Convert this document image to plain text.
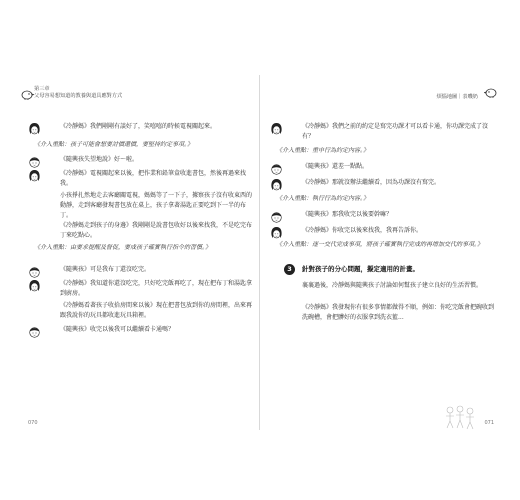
第三章
父母容易想知道的教養與道具應對方式
《冷靜媽》我們剛剛有談好了，笑嘻嘻的時候電視關起來。
《介入重點：孩子可能會想要討價還價，要堅持約定事項。》
《隨興孩失望地說》好～啦。
《冷靜媽》電視關起來以後，把作業和鉛筆盒收進書包，然後再過來找我。
小孩掙扎然地走去客廳關電視，媽媽等了一下子，據察孩子沒有收東西的動靜，走到客廳發現書包放在桌上，孩子拿著湯匙正要吃到下一半的布丁。
《冷靜媽走到孩子的身邊》我剛剛是說書包收好以後來找我，不是吃完布丁來吃點心。
《介入重點：由要求提醒及督促，要成孩子確實執行指令的習慣。》
《隨興孩》可是我布丁還沒吃完。
《冷靜媽》我知道你還沒吃完，只好吃完飯再吃了，現在把布丁和湯匙拿到廚房。
《冷靜媽看著孩子收拾房間來以後》現在把書包放到你的房間裡，出來再跟我說你的玩具都收進玩具箱裡。
《隨興孩》收完以後我可以繼續看卡通嗎？
070
煩惱地圖｜表嘰奶
《冷靜媽》我們之前的約定是寫完功課才可以看卡通，你功課完成了沒有？
《介入重點：重申行為約定內容。》
《隨興孩》還差一點點。
《冷靜媽》那就沒辦法繼續看，因為功課沒有寫完。
《介入重點：執行行為約定內容。》
《隨興孩》那我收完以後要幹嘛？
《冷靜媽》你收完以後來找我，我再告訴你。
《介入重點：逐一交代完成事項，將孩子確實執行完成的再增加交代的事項。》
3	針對孩子的分心問題，擬定適用的計畫。
襄襄過後，冷靜媽與隨興孩子討論如何幫孩子建立良好的生活習慣。
《冷靜媽》我發現你有很多事情都做得不順，例如：你吃完飯會把碗收到洗碗槽，會把髒好的衣服拿到洗衣籃...
071
